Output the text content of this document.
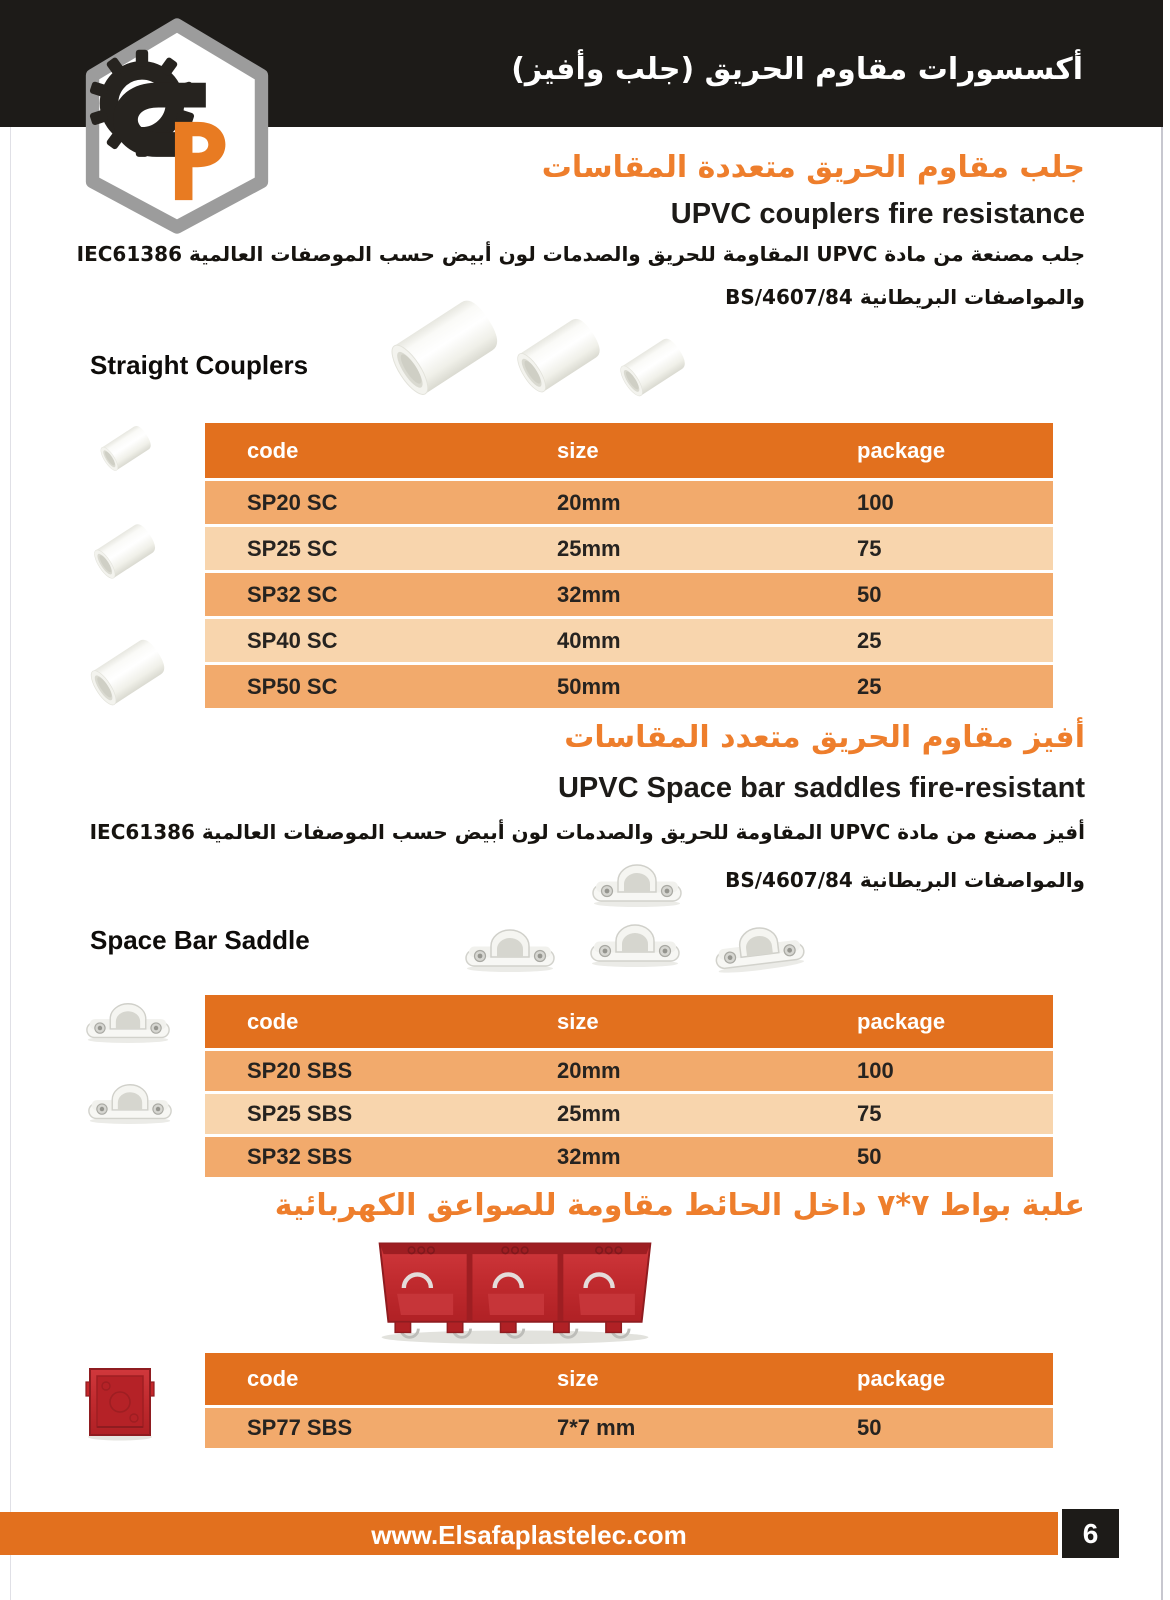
أكسسورات مقاوم الحريق (جلب وأفيز)
جلب مقاوم الحريق متعددة المقاسات
UPVC couplers fire resistance
جلب مصنعة من مادة UPVC المقاومة للحريق والصدمات لون أبيض حسب الموصفات العالمية IEC61386
والمواصفات البريطانية BS/4607/84
Straight Couplers
code	size	package
SP20 SC	20mm	100
SP25 SC	25mm	75
SP32 SC	32mm	50
SP40 SC	40mm	25
SP50 SC	50mm	25
أفيز مقاوم الحريق متعدد المقاسات
UPVC Space bar saddles fire-resistant
أفيز مصنع من مادة UPVC المقاومة للحريق والصدمات لون أبيض حسب الموصفات العالمية IEC61386
والمواصفات البريطانية BS/4607/84
Space Bar Saddle
code	size	package
SP20 SBS	20mm	100
SP25 SBS	25mm	75
SP32 SBS	32mm	50
علبة بواط ٧*٧ داخل الحائط مقاومة للصواعق الكهربائية
code	size	package
SP77 SBS	7*7 mm	50
www.Elsafaplastelec.com	6
